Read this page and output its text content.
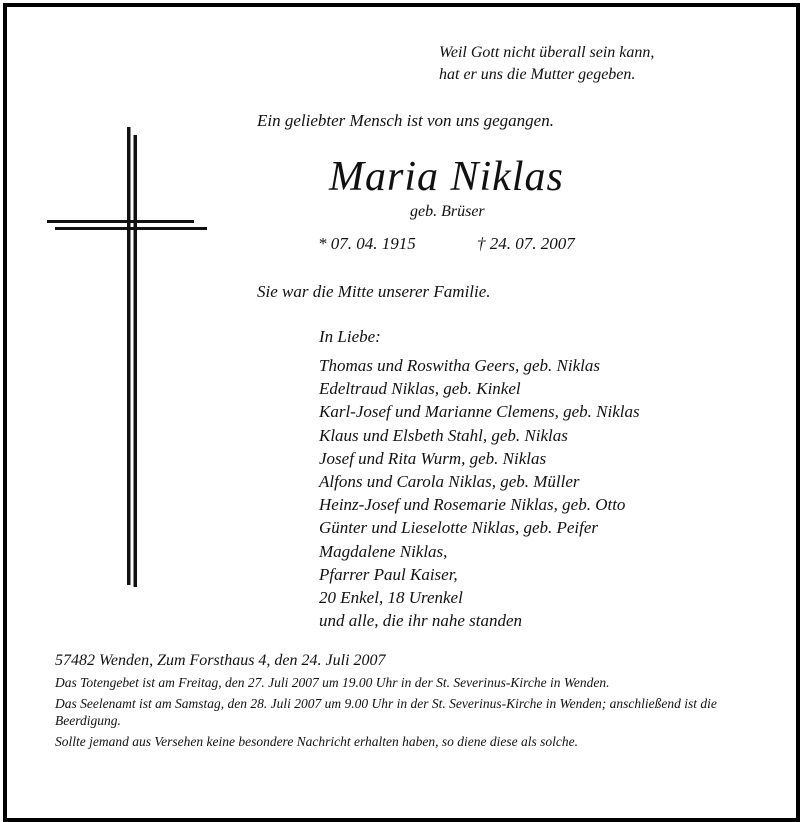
Weil Gott nicht überall sein kann,
hat er uns die Mutter gegeben.
Ein geliebter Mensch ist von uns gegangen.
Maria Niklas
geb. Brüser
* 07. 04. 1915	† 24. 07. 2007
Sie war die Mitte unserer Familie.
In Liebe:
Thomas und Roswitha Geers, geb. Niklas
Edeltraud Niklas, geb. Kinkel
Karl-Josef und Marianne Clemens, geb. Niklas
Klaus und Elsbeth Stahl, geb. Niklas
Josef und Rita Wurm, geb. Niklas
Alfons und Carola Niklas, geb. Müller
Heinz-Josef und Rosemarie Niklas, geb. Otto
Günter und Lieselotte Niklas, geb. Peifer
Magdalene Niklas,
Pfarrer Paul Kaiser,
20 Enkel, 18 Urenkel
und alle, die ihr nahe standen

57482 Wenden, Zum Forsthaus 4, den 24. Juli 2007

Das Totengebet ist am Freitag, den 27. Juli 2007 um 19.00 Uhr in der St. Severinus-Kirche in Wenden.

Das Seelenamt ist am Samstag, den 28. Juli 2007 um 9.00 Uhr in der St. Severinus-Kirche in Wenden; anschließend ist die Beerdigung.

Sollte jemand aus Versehen keine besondere Nachricht erhalten haben, so diene diese als solche.
